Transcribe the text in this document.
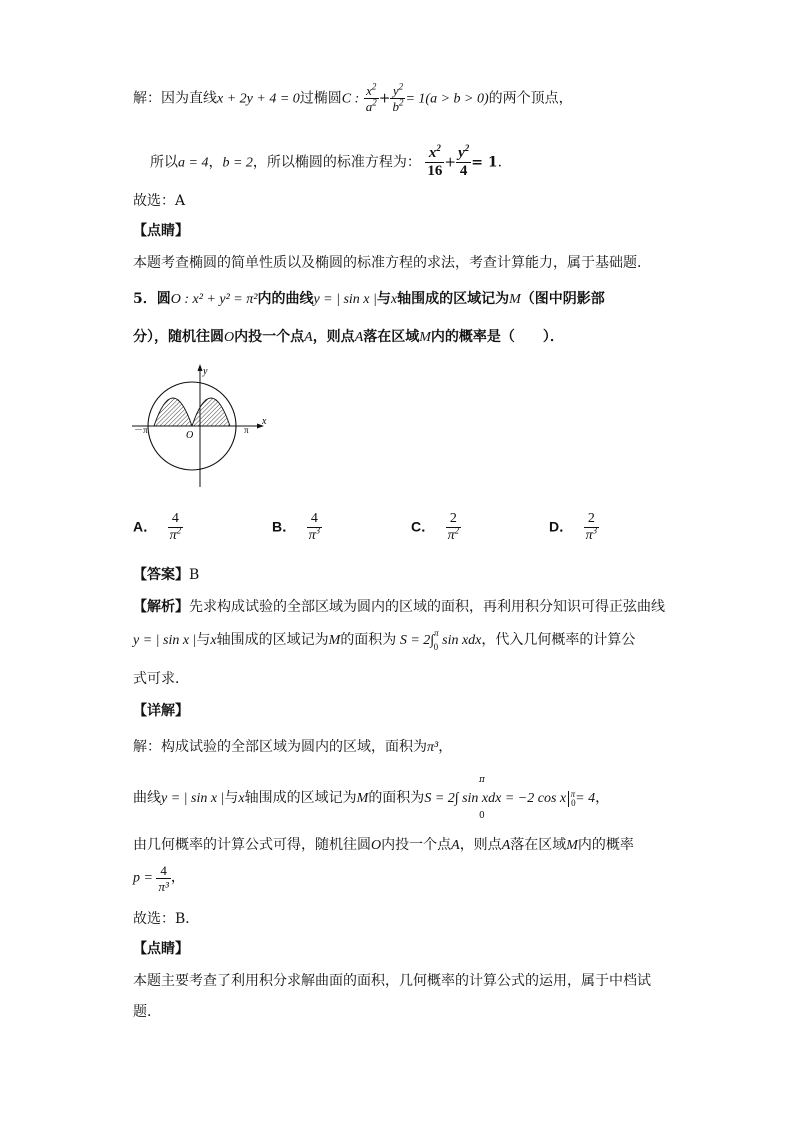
解：因为直线x + 2y + 4 = 0过椭圆C : $\frac{x^2}{a^2} + \frac{y^2}{b^2} = 1(a > b > 0)$的两个顶点，
所以a = 4，b = 2，所以椭圆的标准方程为： $\frac{x^2}{16} + \frac{y^2}{4} = 1$.
故选：A
【点睛】
本题考查椭圆的简单性质以及椭圆的标准方程的求法，考查计算能力，属于基础题．
5．圆O : x² + y² = π²内的曲线y = | sin x |与x轴围成的区域记为M（图中阴影部
分），随机往圆O内投一个点A，则点A落在区域M内的概率是（　　）．
y
x
O
－π	π
A． $\frac{4}{\pi^2}$	B． $\frac{4}{\pi^3}$	C． $\frac{2}{\pi^2}$	D． $\frac{2}{\pi^3}$
【答案】B
【解析】先求构成试验的全部区域为圆内的区域的面积，再利用积分知识可得正弦曲线
y = | sin x |与x轴围成的区域记为M的面积为 S = 2∫$^\pi_0$ sin xdx，代入几何概率的计算公
式可求．
【详解】
解：构成试验的全部区域为圆内的区域，面积为π³，
曲线y = | sin x |与x轴围成的区域记为M的面积为S = 2∫ sin xdx = −2 cos x $_0^\pi$= 4，
π
0
由几何概率的计算公式可得，随机往圆O内投一个点A，则点A落在区域M内的概率
$p = \frac{4}{\text{π³}}$ ，
故选：B．
【点睛】
本题主要考查了利用积分求解曲面的面积，几何概率的计算公式的运用，属于中档试
题．
